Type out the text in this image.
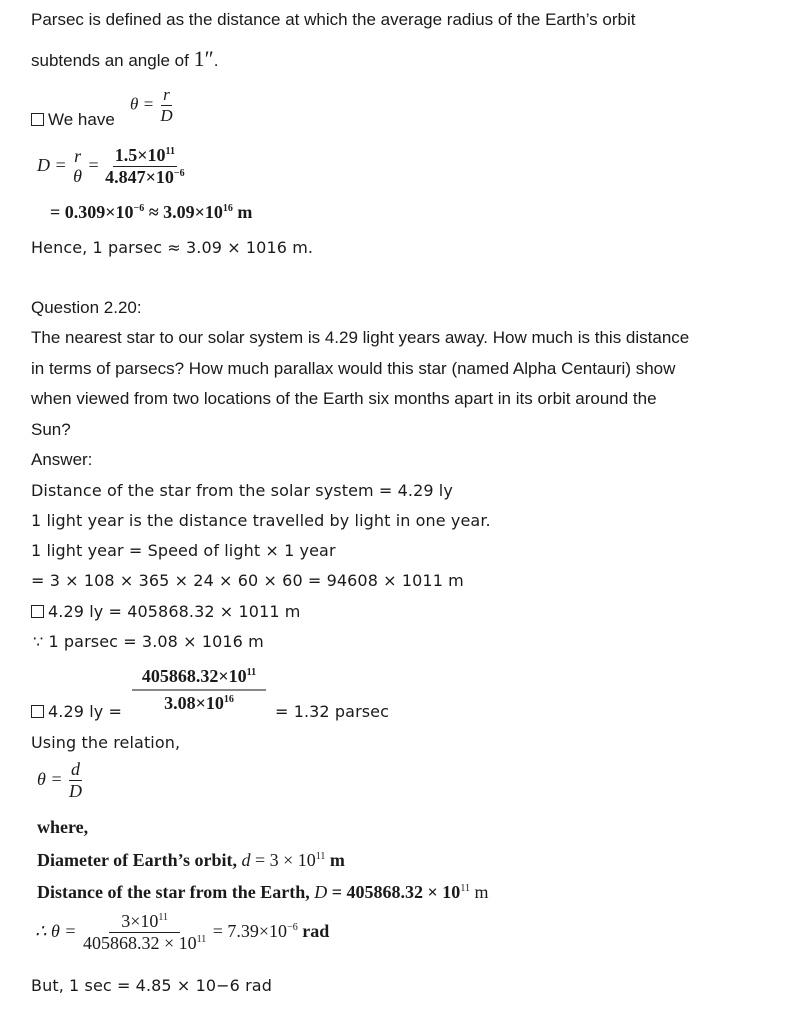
Parsec is defined as the distance at which the average radius of the Earth’s orbit
subtends an angle of 1″.
We have
$\theta = \frac{r}{D}$
D = r
θ
= $\frac{1.5\times 10^{11}}{4.847\times 10^{-6}}$
= $0.309\times 10^{-6} \approx 3.09\times 10^{16}$ m
Hence, 1 parsec ≈ 3.09 × 1016 m.
Question 2.20:
The nearest star to our solar system is 4.29 light years away. How much is this distance
in terms of parsecs? How much parallax would this star (named Alpha Centauri) show
when viewed from two locations of the Earth six months apart in its orbit around the
Sun?
Answer:
Distance of the star from the solar system = 4.29 ly
1 light year is the distance travelled by light in one year.
1 light year = Speed of light × 1 year
= 3 × 108 × 365 × 24 × 60 × 60 = 94608 × 1011 m
4.29 ly = 405868.32 × 1011 m
∵ 1 parsec = 3.08 × 1016 m
4.29 ly = $\frac{405868.32\times 10^{11}}{3.08\times 10^{16}} = 1.32$ parsec
Using the relation,
$\theta = \frac{d}{D}$
where,
Diameter of Earth’s orbit, $d = 3 \times 10^{11}$ m
Distance of the star from the Earth, $D = 405868.32 \times 10^{11}$ m
∴ $\theta = \frac{3\times 10^{11}}{405868.32 \times 10^{11}} = 7.39\times 10^{-6}$ rad
But, 1 sec = 4.85 × 10−6 rad
